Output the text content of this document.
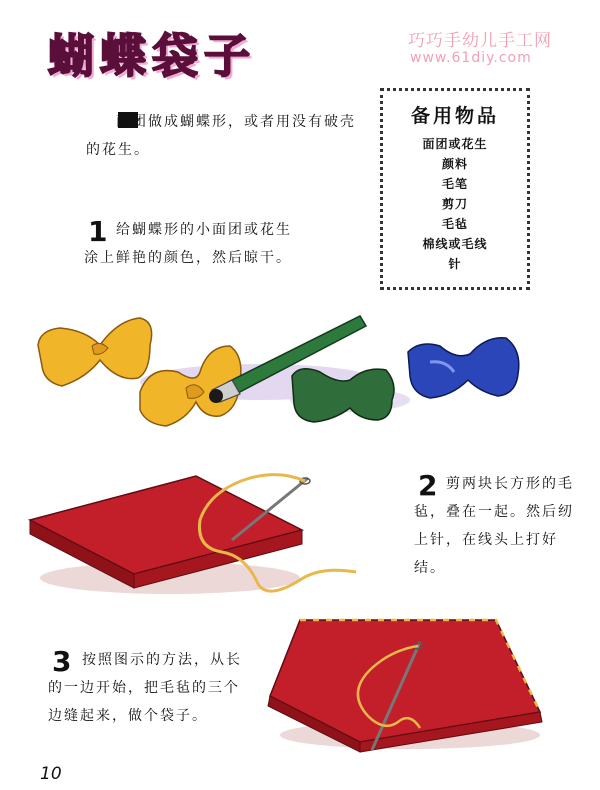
蝴蝶袋子	巧巧手幼儿手工网
www.61diy.com
面团做成蝴蝶形，或者用没有破壳的花生。
备用物品
面团或花生
颜料
毛笔
剪刀
毛毡
棉线或毛线
针
1 给蝴蝶形的小面团或花生涂上鲜艳的颜色，然后晾干。
2 剪两块长方形的毛毡，叠在一起。然后纫上针，在线头上打好结。
3 按照图示的方法，从长的一边开始，把毛毡的三个边缝起来，做个袋子。
10
